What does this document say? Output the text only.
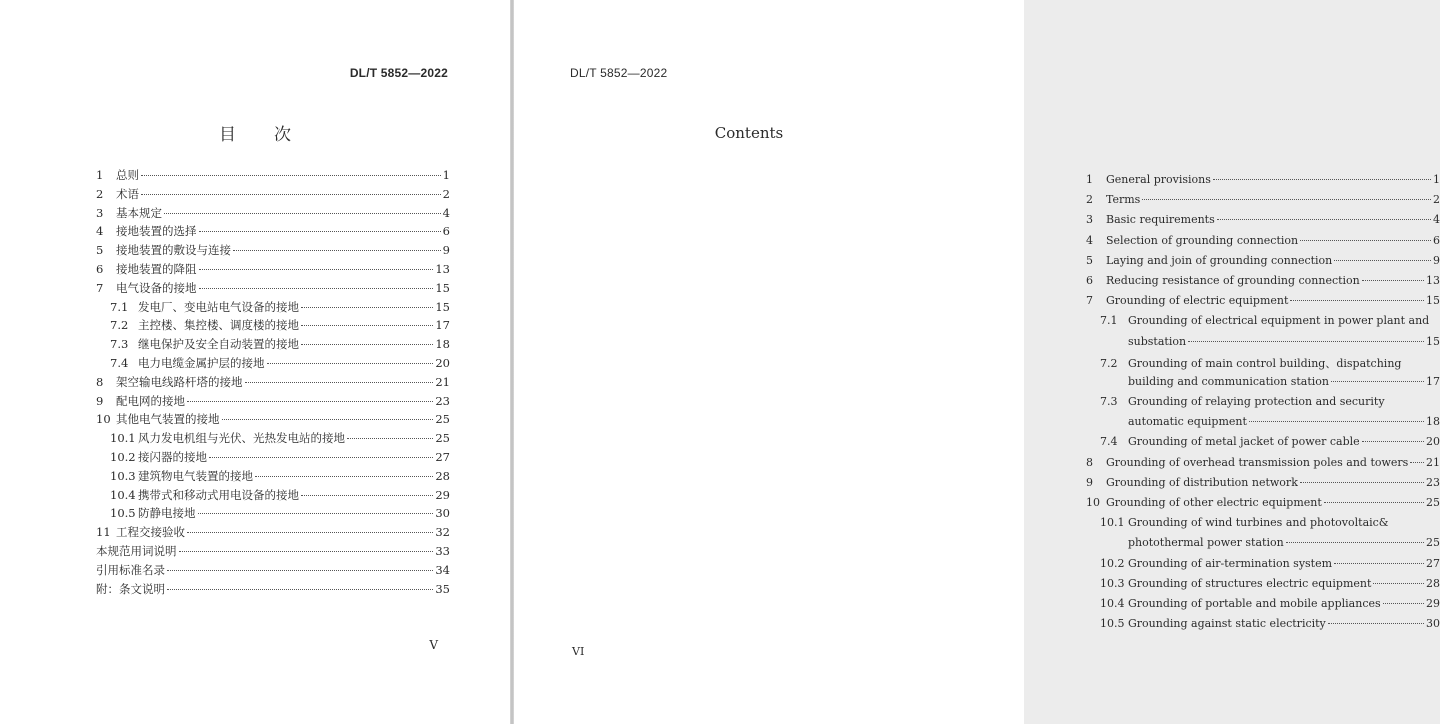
DL/T 5852—2022
目次
1	总则	1
2	术语	2
3	基本规定	4
4	接地装置的选择	6
5	接地装置的敷设与连接	9
6	接地装置的降阻	13
7	电气设备的接地	15
7.1 发电厂、变电站电气设备的接地	15
7.2 主控楼、集控楼、调度楼的接地	17
7.3 继电保护及安全自动装置的接地	18
7.4 电力电缆金属护层的接地	20
8	架空输电线路杆塔的接地	21
9	配电网的接地	23
10 其他电气装置的接地	25
10.1 风力发电机组与光伏、光热发电站的接地	25
10.2 接闪器的接地	27
10.3 建筑物电气装置的接地	28
10.4 携带式和移动式用电设备的接地	29
10.5 防静电接地	30
11 工程交接验收	32
本规范用词说明	33
引用标准名录	34
附：条文说明	35
V
DL/T 5852—2022
Contents
1	General provisions	1
2	Terms	2
3	Basic requirements	4
4	Selection of grounding connection	6
5	Laying and join of grounding connection	9
6	Reducing resistance of grounding connection	13
7	Grounding of electric equipment	15
7.1 Grounding of electrical equipment in power plant and
substation	15
7.2 Grounding of main control building、dispatching
building and communication station	17
7.3 Grounding of relaying protection and security
automatic equipment	18
7.4 Grounding of metal jacket of power cable	20
8	Grounding of overhead transmission poles and towers 21
9	Grounding of distribution network	23
10 Grounding of other electric equipment	25
10.1 Grounding of wind turbines and photovoltaic&
photothermal power station	25
10.2 Grounding of air-termination system	27
10.3 Grounding of structures electric equipment	28
10.4 Grounding of portable and mobile appliances	29
10.5 Grounding against static electricity	30
VI
